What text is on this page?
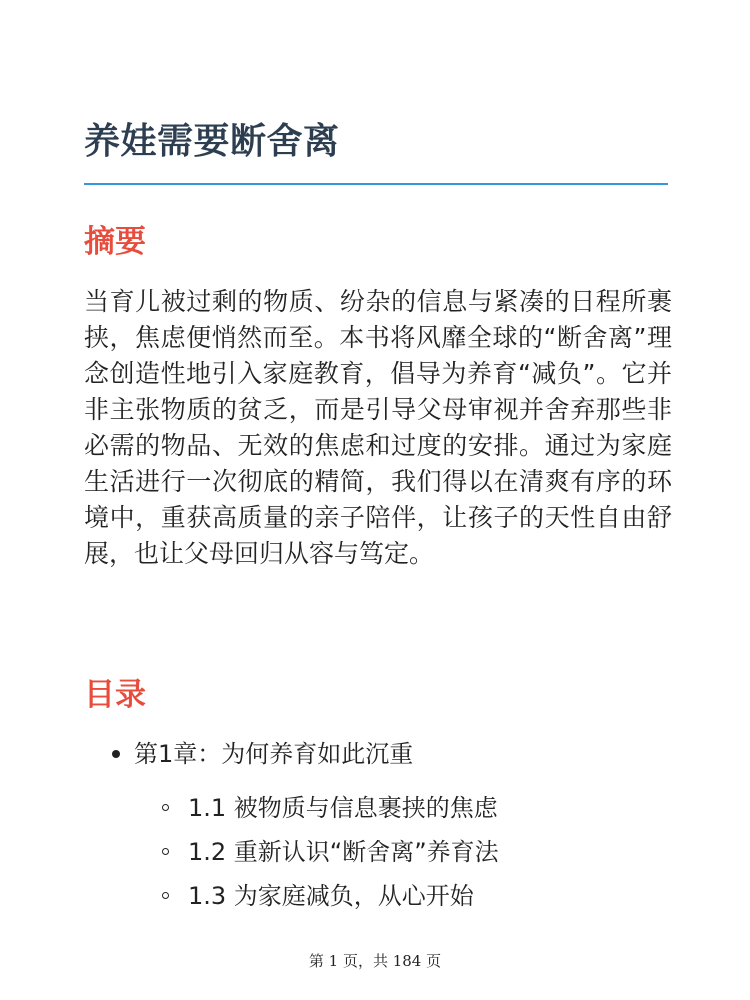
养娃需要断舍离
摘要

当育儿被过剩的物质、纷杂的信息与紧凑的日程所裹挟，焦虑便悄然而至。本书将风靡全球的“断舍离”理念创造性地引入家庭教育，倡导为养育“减负”。它并非主张物质的贫乏，而是引导父母审视并舍弃那些非必需的物品、无效的焦虑和过度的安排。通过为家庭生活进行一次彻底的精简，我们得以在清爽有序的环境中，重获高质量的亲子陪伴，让孩子的天性自由舒展，也让父母回归从容与笃定。

目录
第1章：为何养育如此沉重
1.1 被物质与信息裹挟的焦虑
1.2 重新认识“断舍离”养育法
1.3 为家庭减负，从心开始
第 1 页，共 184 页
